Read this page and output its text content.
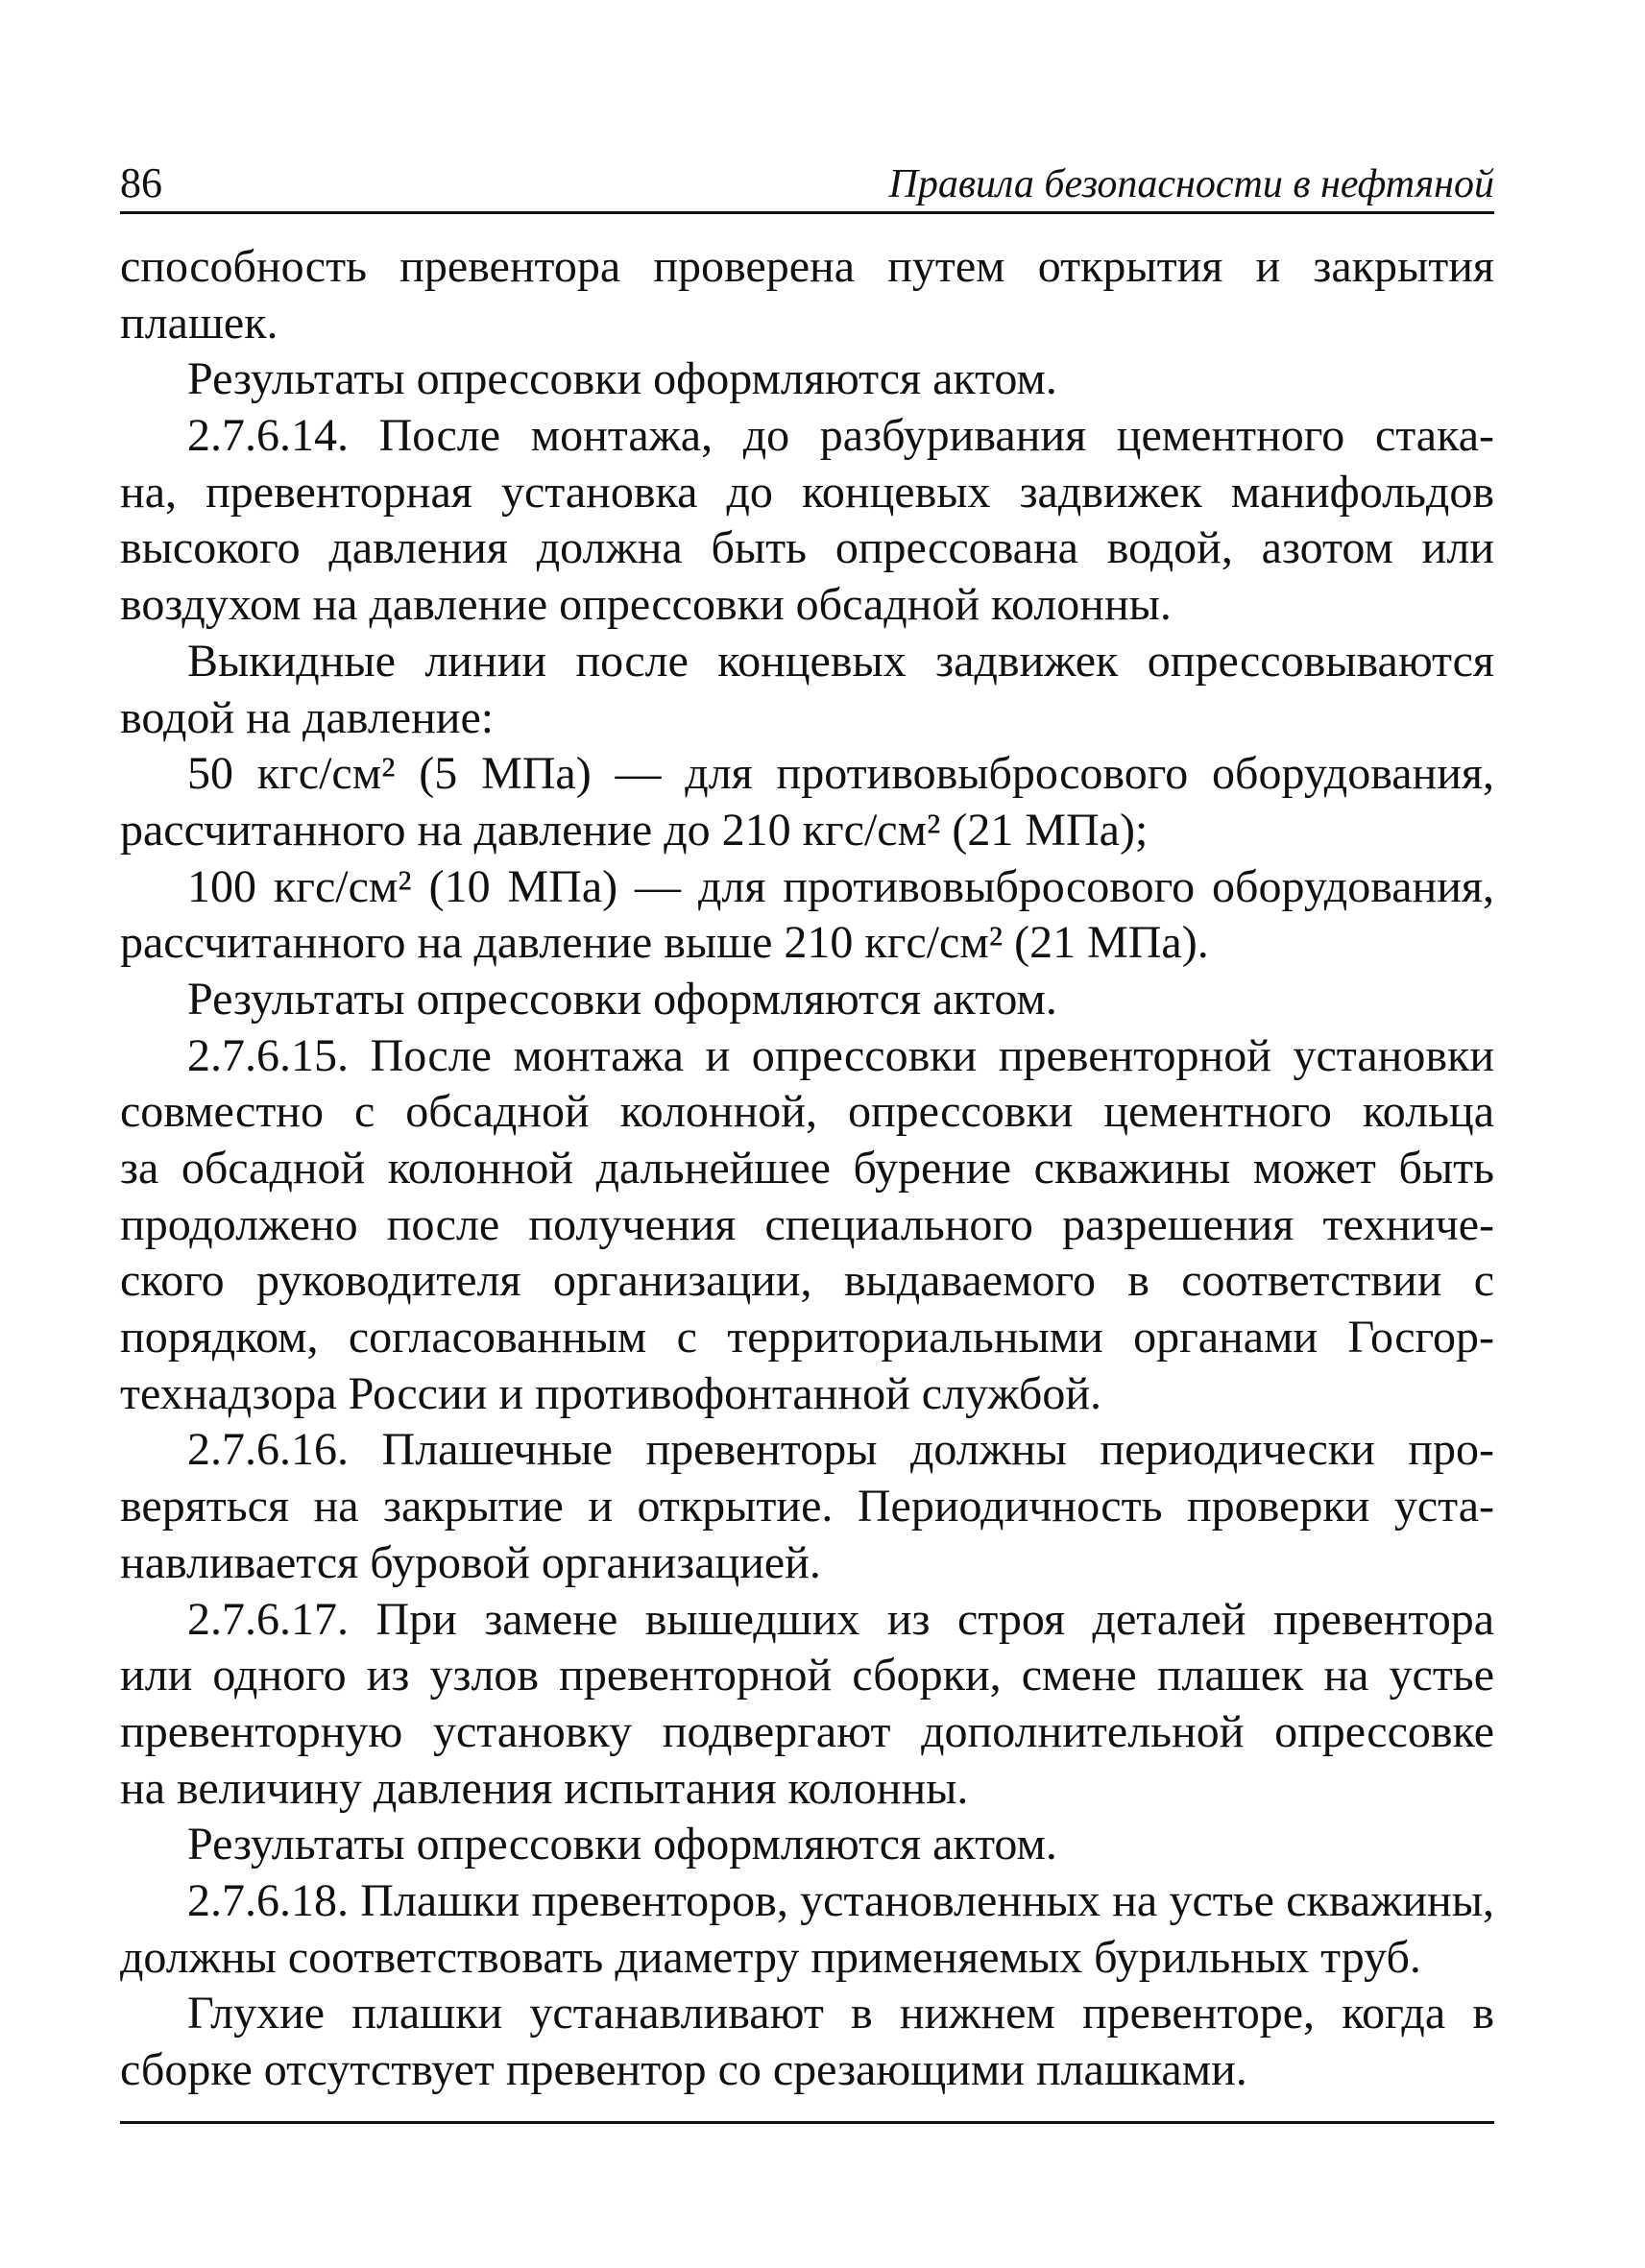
86	Правила безопасности в нефтяной
способность превентора проверена путем открытия и закрытия
плашек.
Результаты опрессовки оформляются актом.
2.7.6.14. После монтажа, до разбуривания цементного стака-
на, превенторная установка до концевых задвижек манифольдов
высокого давления должна быть опрессована водой, азотом или
воздухом на давление опрессовки обсадной колонны.
Выкидные линии после концевых задвижек опрессовываются
водой на давление:
50 кгс/см² (5 МПа) — для противовыбросового оборудования,
рассчитанного на давление до 210 кгс/см² (21 МПа);
100 кгс/см² (10 МПа) — для противовыбросового оборудования,
рассчитанного на давление выше 210 кгс/см² (21 МПа).
Результаты опрессовки оформляются актом.
2.7.6.15. После монтажа и опрессовки превенторной установки
совместно с обсадной колонной, опрессовки цементного кольца
за обсадной колонной дальнейшее бурение скважины может быть
продолжено после получения специального разрешения техниче-
ского руководителя организации, выдаваемого в соответствии с
порядком, согласованным с территориальными органами Госгор-
технадзора России и противофонтанной службой.
2.7.6.16. Плашечные превенторы должны периодически про-
веряться на закрытие и открытие. Периодичность проверки уста-
навливается буровой организацией.
2.7.6.17. При замене вышедших из строя деталей превентора
или одного из узлов превенторной сборки, смене плашек на устье
превенторную установку подвергают дополнительной опрессовке
на величину давления испытания колонны.
Результаты опрессовки оформляются актом.
2.7.6.18. Плашки превенторов, установленных на устье скважины,
должны соответствовать диаметру применяемых бурильных труб.
Глухие плашки устанавливают в нижнем превенторе, когда в
сборке отсутствует превентор со срезающими плашками.
